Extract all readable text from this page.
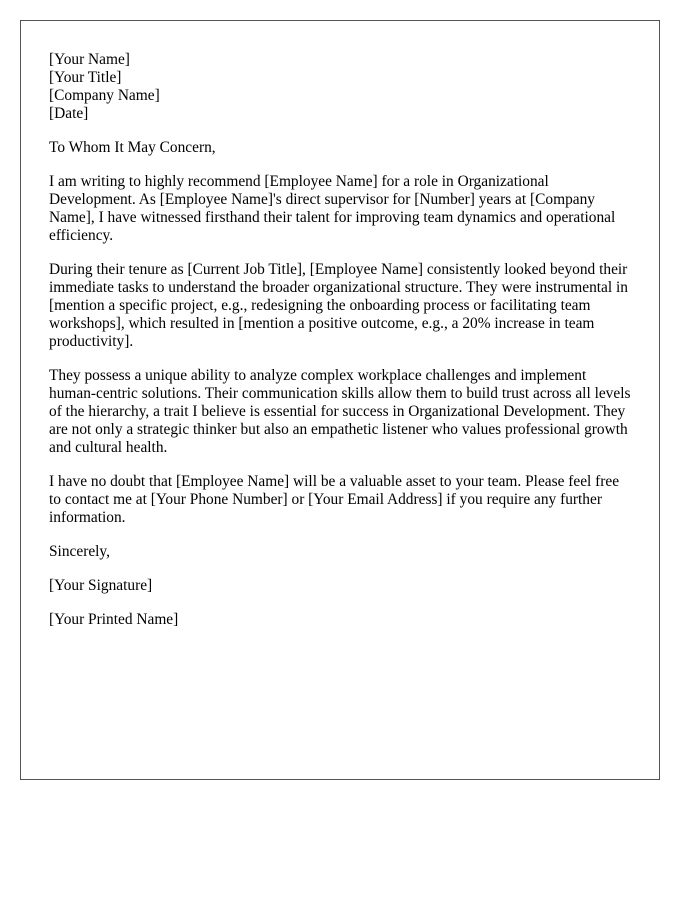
[Your Name]
[Your Title]
[Company Name]
[Date]

To Whom It May Concern,

I am writing to highly recommend [Employee Name] for a role in Organizational Development. As [Employee Name]'s direct supervisor for [Number] years at [Company Name], I have witnessed firsthand their talent for improving team dynamics and operational efficiency.

During their tenure as [Current Job Title], [Employee Name] consistently looked beyond their immediate tasks to understand the broader organizational structure. They were instrumental in [mention a specific project, e.g., redesigning the onboarding process or facilitating team workshops], which resulted in [mention a positive outcome, e.g., a 20% increase in team productivity].

They possess a unique ability to analyze complex workplace challenges and implement human-centric solutions. Their communication skills allow them to build trust across all levels of the hierarchy, a trait I believe is essential for success in Organizational Development. They are not only a strategic thinker but also an empathetic listener who values professional growth and cultural health.

I have no doubt that [Employee Name] will be a valuable asset to your team. Please feel free to contact me at [Your Phone Number] or [Your Email Address] if you require any further information.

Sincerely,

[Your Signature]

[Your Printed Name]
